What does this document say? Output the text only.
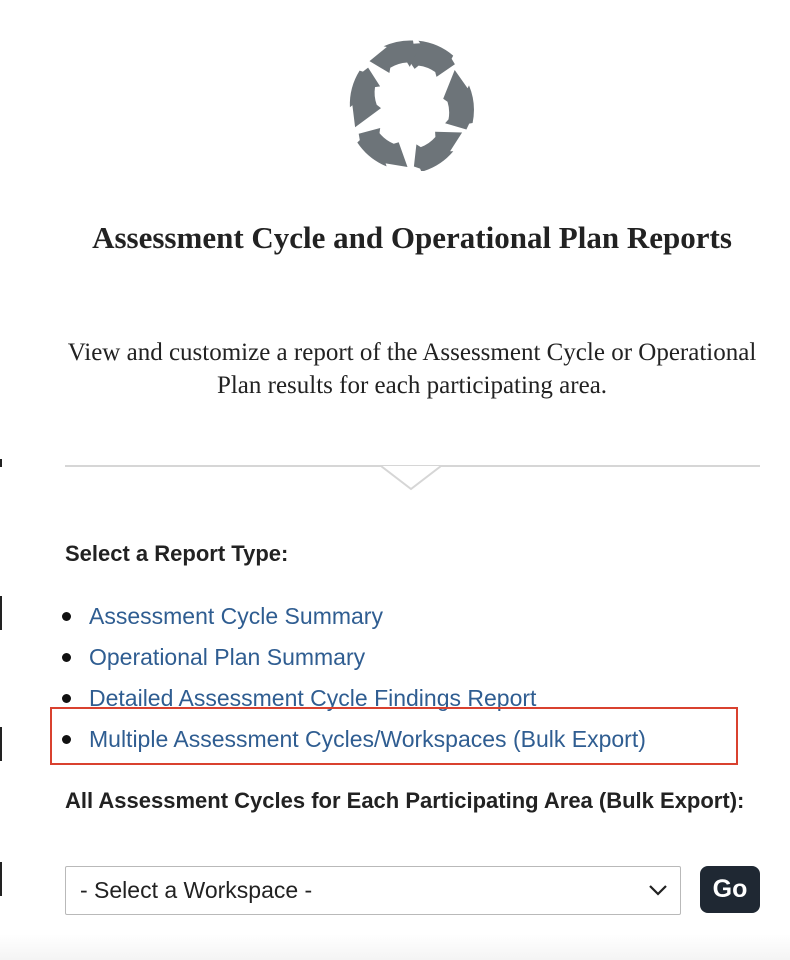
Assessment Cycle and Operational Plan Reports

View and customize a report of the Assessment Cycle or Operational Plan results for each participating area.

Select a Report Type:
Assessment Cycle Summary
Operational Plan Summary
Detailed Assessment Cycle Findings Report
Multiple Assessment Cycles/Workspaces (Bulk Export)
All Assessment Cycles for Each Participating Area (Bulk Export):
- Select a Workspace -	Go
